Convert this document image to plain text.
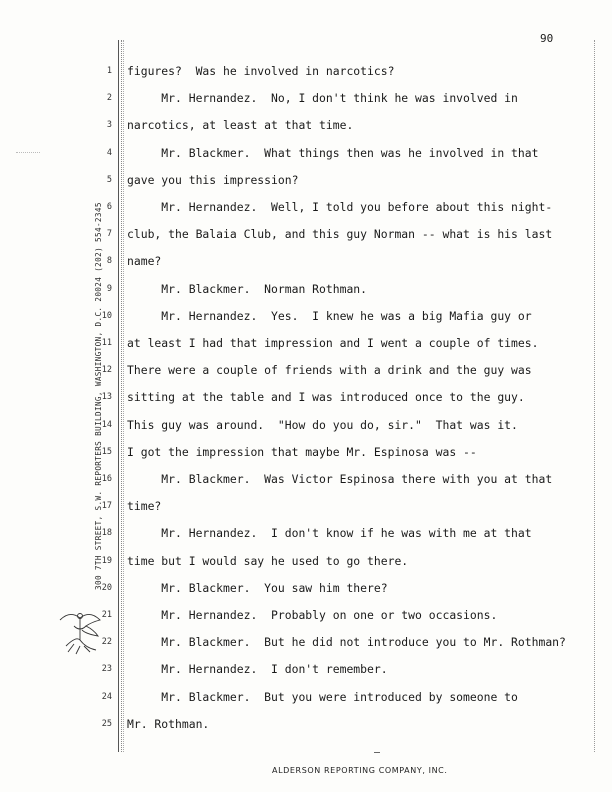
90
300 7TH STREET, S.W. REPORTERS BUILDING, WASHINGTON, D.C. 20024 (202) 554-2345
1 figures?  Was he involved in narcotics?
2 Mr. Hernandez.  No, I don't think he was involved in
3 narcotics, at least at that time.
4 Mr. Blackmer.  What things then was he involved in that
5 gave you this impression?
6 Mr. Hernandez.  Well, I told you before about this night-
7 club, the Balaia Club, and this guy Norman -- what is his last
8 name?
9 Mr. Blackmer.  Norman Rothman.
10 Mr. Hernandez.  Yes.  I knew he was a big Mafia guy or
11 at least I had that impression and I went a couple of times.
12 There were a couple of friends with a drink and the guy was
13 sitting at the table and I was introduced once to the guy.
14 This guy was around.  "How do you do, sir."  That was it.
15 I got the impression that maybe Mr. Espinosa was --
16 Mr. Blackmer.  Was Victor Espinosa there with you at that
17 time?
18 Mr. Hernandez.  I don't know if he was with me at that
19 time but I would say he used to go there.
20 Mr. Blackmer.  You saw him there?
21 Mr. Hernandez.  Probably on one or two occasions.
22 Mr. Blackmer.  But he did not introduce you to Mr. Rothman?
23 Mr. Hernandez.  I don't remember.
24 Mr. Blackmer.  But you were introduced by someone to
25 Mr. Rothman.
ALDERSON REPORTING COMPANY, INC.
